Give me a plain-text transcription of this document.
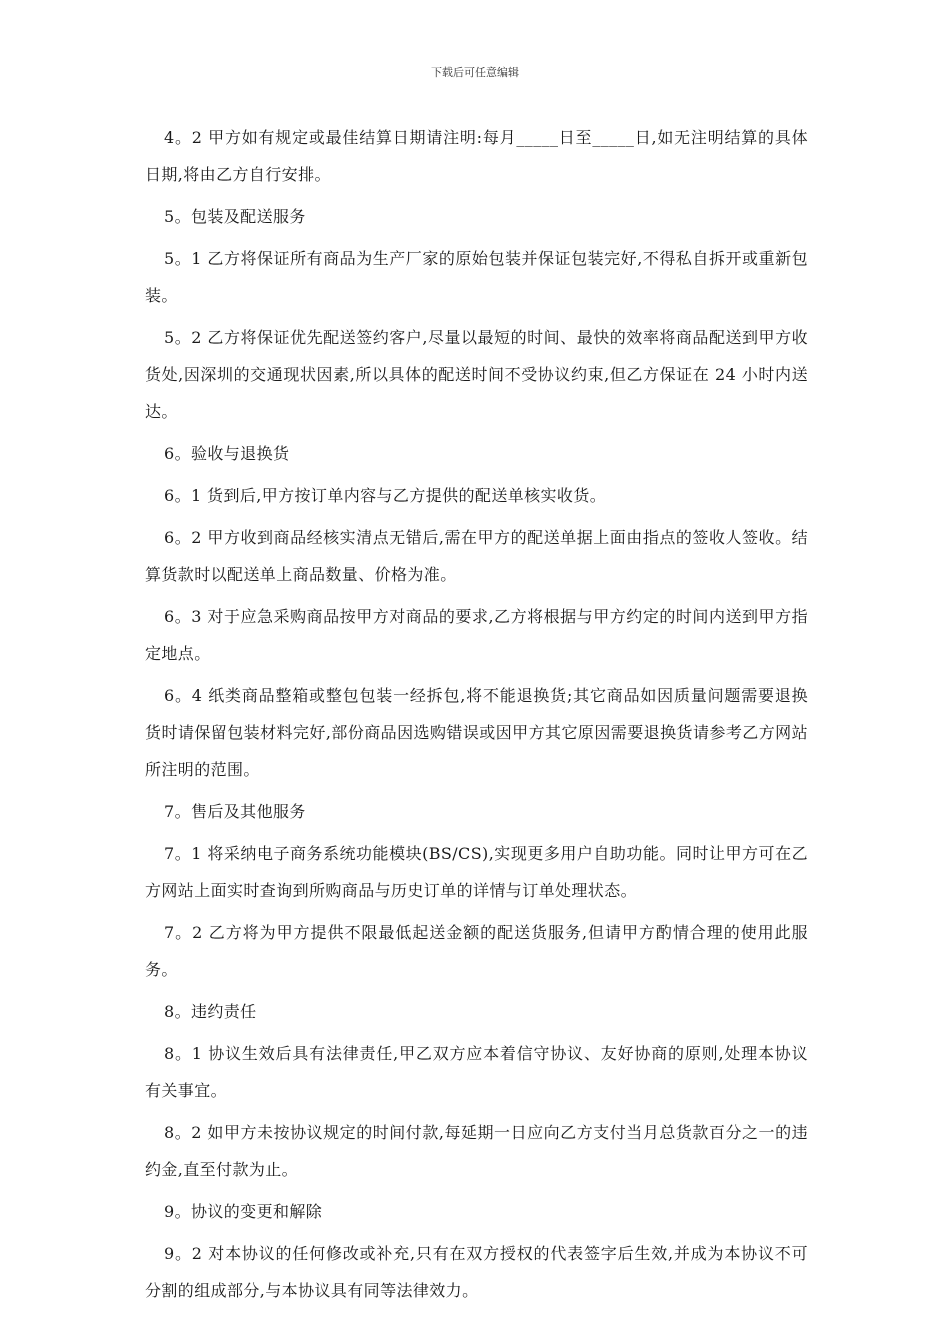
下载后可任意编辑

4。2 甲方如有规定或最佳结算日期请注明:每月_____日至_____日,如无注明结算的具体日期,将由乙方自行安排。

5。包装及配送服务

5。1 乙方将保证所有商品为生产厂家的原始包装并保证包装完好,不得私自拆开或重新包装。

5。2 乙方将保证优先配送签约客户,尽量以最短的时间、最快的效率将商品配送到甲方收货处,因深圳的交通现状因素,所以具体的配送时间不受协议约束,但乙方保证在 24 小时内送达。

6。验收与退换货

6。1 货到后,甲方按订单内容与乙方提供的配送单核实收货。

6。2 甲方收到商品经核实清点无错后,需在甲方的配送单据上面由指点的签收人签收。结算货款时以配送单上商品数量、价格为准。

6。3 对于应急采购商品按甲方对商品的要求,乙方将根据与甲方约定的时间内送到甲方指定地点。

6。4 纸类商品整箱或整包包装一经拆包,将不能退换货;其它商品如因质量问题需要退换货时请保留包装材料完好,部份商品因选购错误或因甲方其它原因需要退换货请参考乙方网站所注明的范围。

7。售后及其他服务

7。1 将采纳电子商务系统功能模块(BS/CS),实现更多用户自助功能。同时让甲方可在乙方网站上面实时查询到所购商品与历史订单的详情与订单处理状态。

7。2 乙方将为甲方提供不限最低起送金额的配送货服务,但请甲方酌情合理的使用此服务。

8。违约责任

8。1 协议生效后具有法律责任,甲乙双方应本着信守协议、友好协商的原则,处理本协议有关事宜。

8。2 如甲方未按协议规定的时间付款,每延期一日应向乙方支付当月总货款百分之一的违约金,直至付款为止。

9。协议的变更和解除

9。2 对本协议的任何修改或补充,只有在双方授权的代表签字后生效,并成为本协议不可分割的组成部分,与本协议具有同等法律效力。
